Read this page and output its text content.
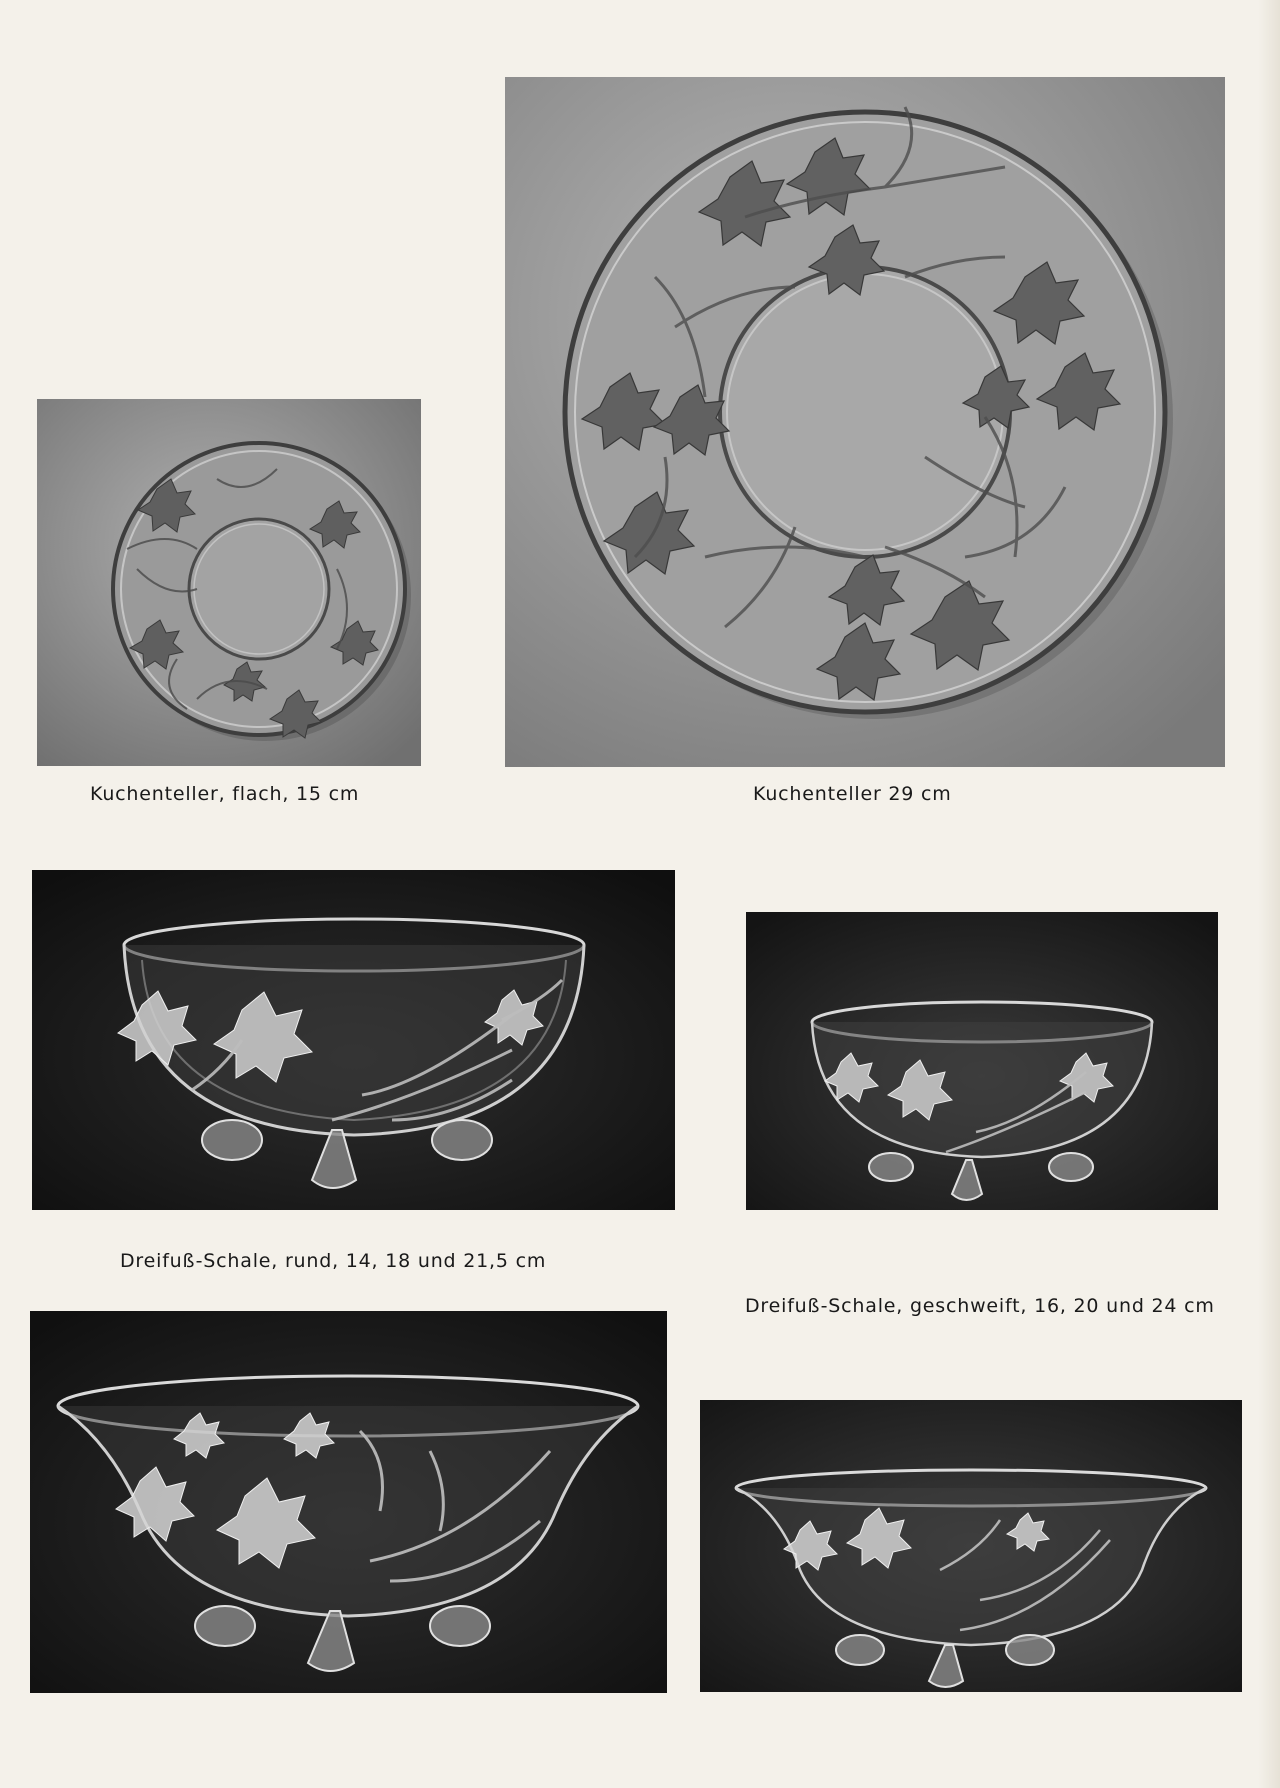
Kuchenteller, flach, 15 cm	Kuchenteller 29 cm
Dreifuß-Schale, rund, 14, 18 und 21,5 cm
Dreifuß-Schale, geschweift, 16, 20 und 24 cm
